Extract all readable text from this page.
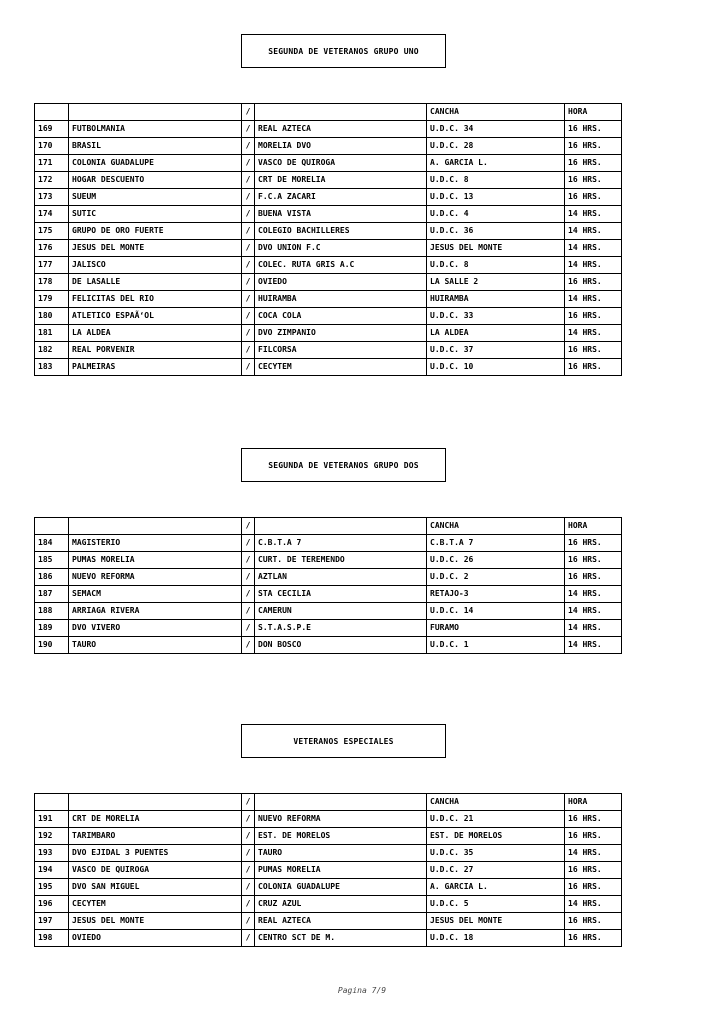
SEGUNDA DE VETERANOS GRUPO UNO
		/		CANCHA	HORA
169	FUTBOLMANIA	/	REAL AZTECA	U.D.C. 34	16 HRS.
170	BRASIL	/	MORELIA DVO	U.D.C. 28	16 HRS.
171	COLONIA GUADALUPE	/	VASCO DE QUIROGA	A. GARCIA L.	16 HRS.
172	HOGAR DESCUENTO	/	CRT DE MORELIA	U.D.C. 8	16 HRS.
173	SUEUM	/	F.C.A ZACARI	U.D.C. 13	16 HRS.
174	SUTIC	/	BUENA VISTA	U.D.C. 4	14 HRS.
175	GRUPO DE ORO FUERTE	/	COLEGIO BACHILLERES	U.D.C. 36	14 HRS.
176	JESUS DEL MONTE	/	DVO UNION F.C	JESUS DEL MONTE	14 HRS.
177	JALISCO	/	COLEC. RUTA GRIS A.C	U.D.C. 8	14 HRS.
178	DE LASALLE	/	OVIEDO	LA SALLE 2	16 HRS.
179	FELICITAS DEL RIO	/	HUIRAMBA	HUIRAMBA	14 HRS.
180	ATLETICO ESPAÃ‘OL	/	COCA COLA	U.D.C. 33	16 HRS.
181	LA ALDEA	/	DVO ZIMPANIO	LA ALDEA	14 HRS.
182	REAL PORVENIR	/	FILCORSA	U.D.C. 37	16 HRS.
183	PALMEIRAS	/	CECYTEM	U.D.C. 10	16 HRS.
SEGUNDA DE VETERANOS GRUPO DOS
		/		CANCHA	HORA
184	MAGISTERIO	/	C.B.T.A 7	C.B.T.A 7	16 HRS.
185	PUMAS MORELIA	/	CURT. DE TEREMENDO	U.D.C. 26	16 HRS.
186	NUEVO REFORMA	/	AZTLAN	U.D.C. 2	16 HRS.
187	SEMACM	/	STA CECILIA	RETAJO-3	14 HRS.
188	ARRIAGA RIVERA	/	CAMERUN	U.D.C. 14	14 HRS.
189	DVO VIVERO	/	S.T.A.S.P.E	FURAMO	14 HRS.
190	TAURO	/	DON BOSCO	U.D.C. 1	14 HRS.
VETERANOS ESPECIALES
		/		CANCHA	HORA
191	CRT DE MORELIA	/	NUEVO REFORMA	U.D.C. 21	16 HRS.
192	TARIMBARO	/	EST. DE MORELOS	EST. DE MORELOS	16 HRS.
193	DVO EJIDAL 3 PUENTES	/	TAURO	U.D.C. 35	14 HRS.
194	VASCO DE QUIROGA	/	PUMAS MORELIA	U.D.C. 27	16 HRS.
195	DVO SAN MIGUEL	/	COLONIA GUADALUPE	A. GARCIA L.	16 HRS.
196	CECYTEM	/	CRUZ AZUL	U.D.C. 5	14 HRS.
197	JESUS DEL MONTE	/	REAL AZTECA	JESUS DEL MONTE	16 HRS.
198	OVIEDO	/	CENTRO SCT DE M.	U.D.C. 18	16 HRS.
Pagina 7/9
